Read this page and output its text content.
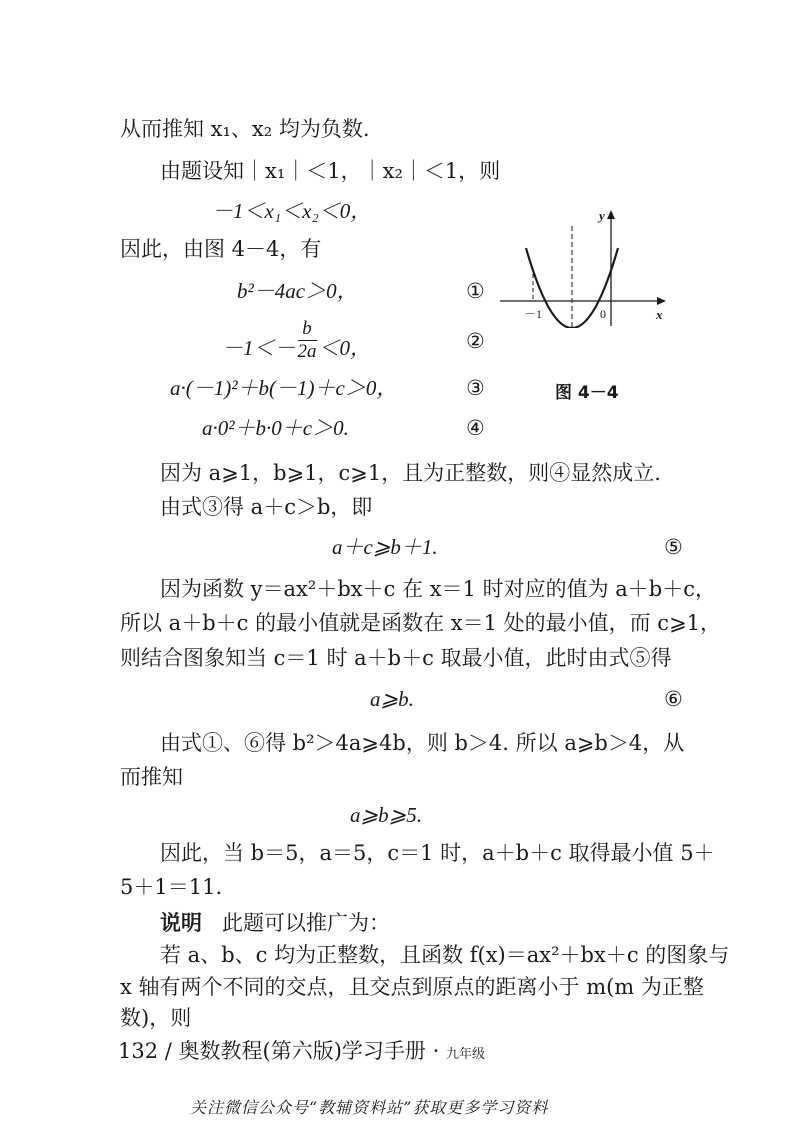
从而推知 x₁、x₂ 均为负数.
由题设知｜x₁｜＜1，｜x₂｜＜1，则
－1＜x₁＜x₂＜0，
因此，由图 4－4，有
b²－4ac＞0，	①
$-1<- \frac{b}{2a} <0$，	②
a·(－1)²＋b(－1)＋c＞0，	③
a·0²＋b·0＋c＞0.	④
－1	0	x
y
图 4－4
因为 a⩾1，b⩾1，c⩾1，且为正整数，则④显然成立.
由式③得 a＋c＞b，即
a＋c⩾b＋1.	⑤
因为函数 y＝ax²＋bx＋c 在 x＝1 时对应的值为 a＋b＋c，
所以 a＋b＋c 的最小值就是函数在 x＝1 处的最小值，而 c⩾1，
则结合图象知当 c＝1 时 a＋b＋c 取最小值，此时由式⑤得
a⩾b.	⑥
由式①、⑥得 b²＞4a⩾4b，则 b＞4. 所以 a⩾b＞4，从
而推知
a⩾b⩾5.
因此，当 b＝5，a＝5，c＝1 时，a＋b＋c 取得最小值 5＋
5＋1＝11.
说明 此题可以推广为：
若 a、b、c 均为正整数，且函数 f(x)＝ax²＋bx＋c 的图象与
x 轴有两个不同的交点，且交点到原点的距离小于 m(m 为正整
132 / 奥数教程(第六版)学习手册 · 九年级
关注微信公众号“教辅资料站”获取更多学习资料
数)，则
